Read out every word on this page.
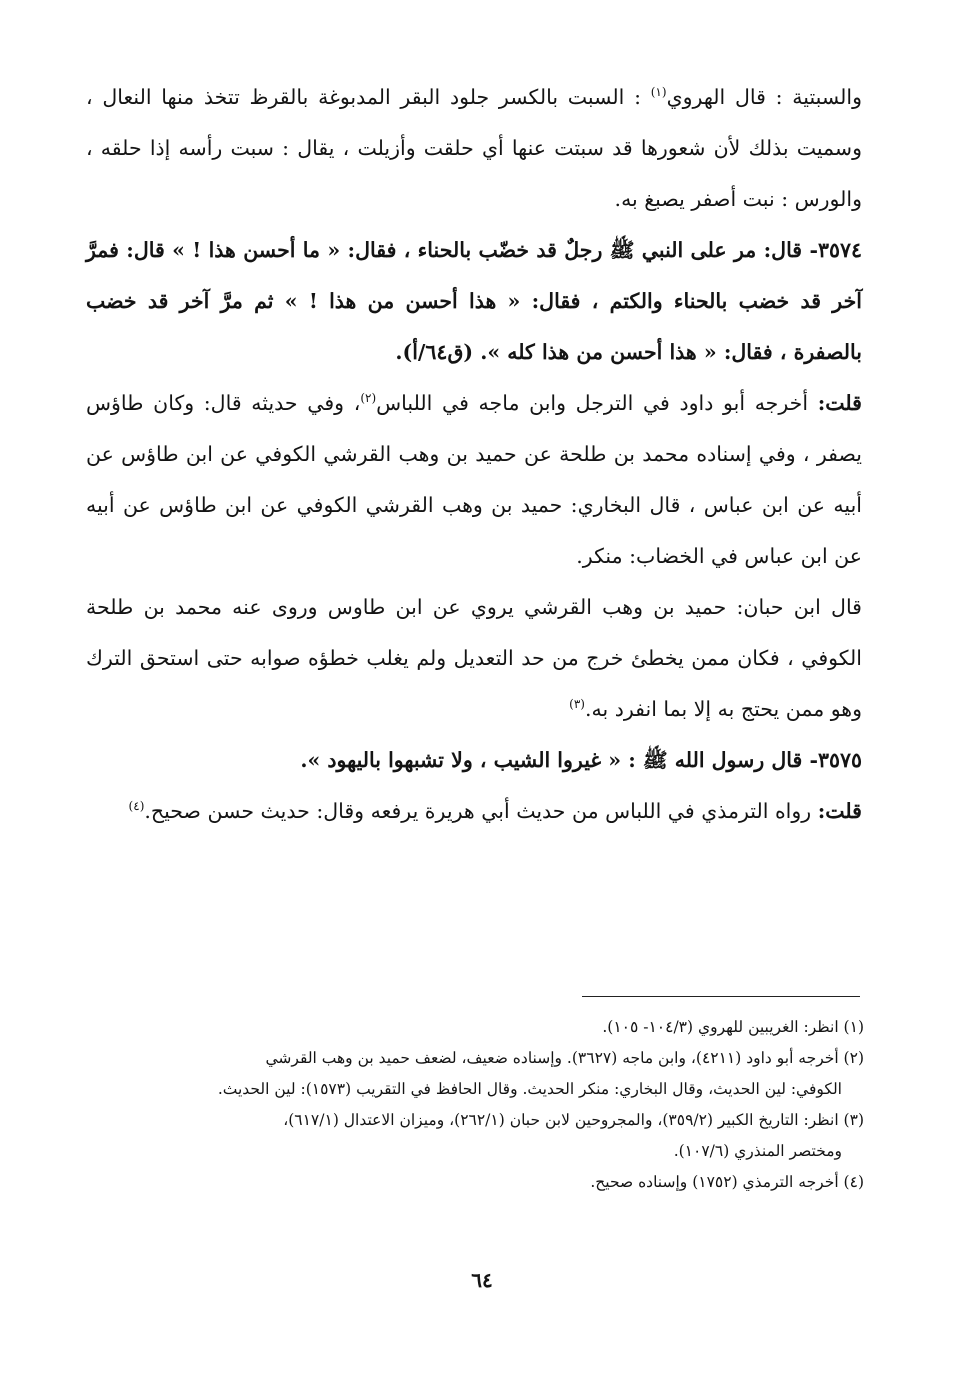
والسبتية : قال الهروي$^{(١)}$ : السبت بالكسر جلود البقر المدبوغة بالقرظ تتخذ منها النعال ، وسميت بذلك لأن شعورها قد سبتت عنها أي حلقت وأزيلت ، يقال : سبت رأسه إذا حلقه ، والورس : نبت أصفر يصبغ به.

٣٥٧٤- قال: مر على النبي ﷺ رجلٌ قد خضّب بالحناء ، فقال: « ما أحسن هذا ! » قال: فمرَّ آخر قد خضب بالحناء والكتم ، فقال: « هذا أحسن من هذا ! » ثم مرَّ آخر قد خضب بالصفرة ، فقال: « هذا أحسن من هذا كله ». (ق٦٤/أ).

قلت: أخرجه أبو داود في الترجل وابن ماجه في اللباس$^{(٢)}$، وفي حديثه قال: وكان طاؤس يصفر ، وفي إسناده محمد بن طلحة عن حميد بن وهب القرشي الكوفي عن ابن طاؤس عن أبيه عن ابن عباس ، قال البخاري: حميد بن وهب القرشي الكوفي عن ابن طاؤس عن أبيه عن ابن عباس في الخضاب: منكر.

قال ابن حبان: حميد بن وهب القرشي يروي عن ابن طاوس وروى عنه محمد بن طلحة الكوفي ، فكان ممن يخطئ خرج من حد التعديل ولم يغلب خطؤه صوابه حتى استحق الترك وهو ممن يحتج به إلا بما انفرد به.$^{(٣)}$

٣٥٧٥- قال رسول الله ﷺ : « غيروا الشيب ، ولا تشبهوا باليهود ».

قلت: رواه الترمذي في اللباس من حديث أبي هريرة يرفعه وقال: حديث حسن صحيح.$^{(٤)}$

(١) انظر: الغريبين للهروي (١٠٤/٣- ١٠٥).

(٢) أخرجه أبو داود (٤٢١١)، وابن ماجه (٣٦٢٧). وإسناده ضعيف، لضعف حميد بن وهب القرشي

الكوفي: لين الحديث، وقال البخاري: منكر الحديث. وقال الحافظ في التقريب (١٥٧٣): لين الحديث.

(٣) انظر: التاريخ الكبير (٣٥٩/٢)، والمجروحين لابن حبان (٢٦٢/١)، وميزان الاعتدال (٦١٧/١)،

ومختصر المنذري (١٠٧/٦).

(٤) أخرجه الترمذي (١٧٥٢) وإسناده صحيح.

٦٤
